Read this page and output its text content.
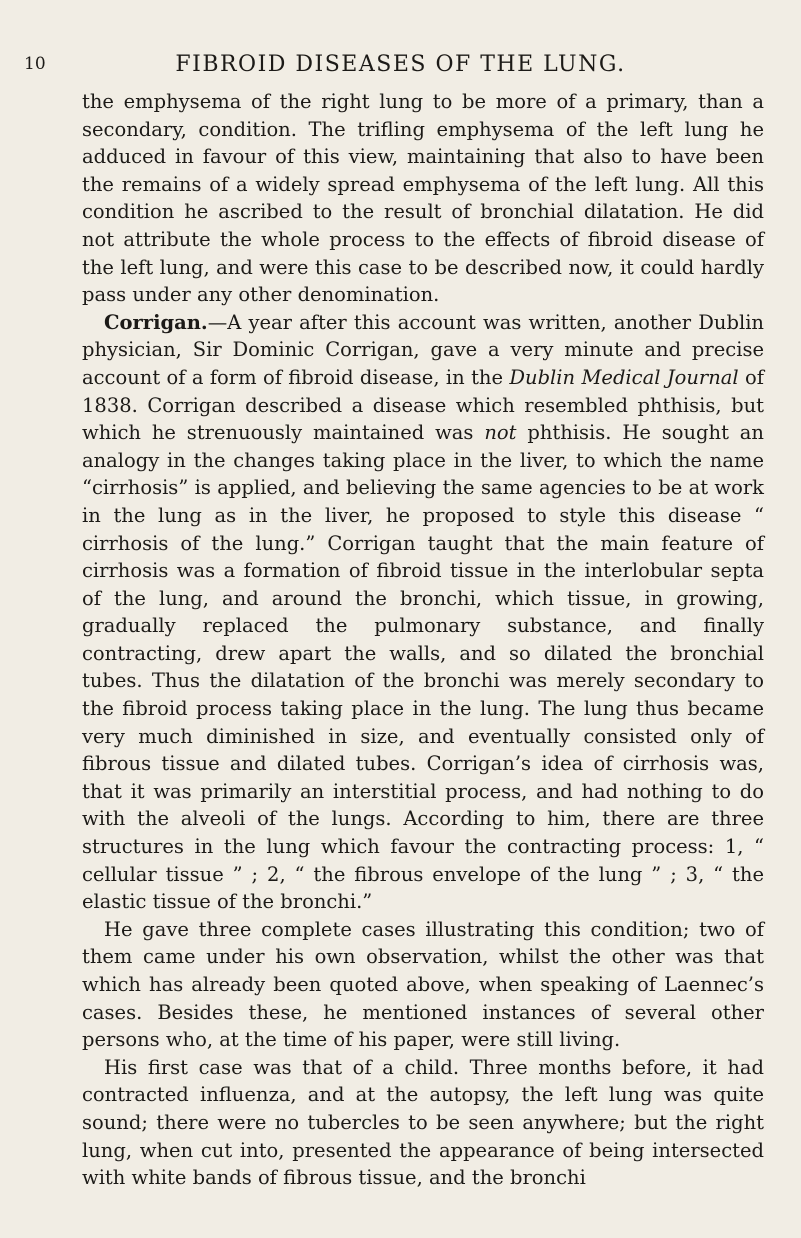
10	FIBROID DISEASES OF THE LUNG.

the emphysema of the right lung to be more of a primary, than a secondary, condition. The trifling emphysema of the left lung he adduced in favour of this view, maintaining that also to have been the remains of a widely spread emphysema of the left lung. All this condition he ascribed to the result of bronchial dilatation. He did not attribute the whole process to the effects of fibroid disease of the left lung, and were this case to be described now, it could hardly pass under any other denomination.

Corrigan.—A year after this account was written, another Dublin physician, Sir Dominic Corrigan, gave a very minute and precise account of a form of fibroid disease, in the Dublin Medical Journal of 1838. Corrigan described a disease which resembled phthisis, but which he strenuously maintained was not phthisis. He sought an analogy in the changes taking place in the liver, to which the name “cirrhosis” is applied, and believing the same agencies to be at work in the lung as in the liver, he proposed to style this disease “ cirrhosis of the lung.” Corrigan taught that the main feature of cirrhosis was a formation of fibroid tissue in the interlobular septa of the lung, and around the bronchi, which tissue, in growing, gradually replaced the pulmonary substance, and finally contracting, drew apart the walls, and so dilated the bronchial tubes. Thus the dilatation of the bronchi was merely secondary to the fibroid process taking place in the lung. The lung thus became very much diminished in size, and eventually consisted only of fibrous tissue and dilated tubes. Corrigan’s idea of cirrhosis was, that it was primarily an interstitial process, and had nothing to do with the alveoli of the lungs. According to him, there are three structures in the lung which favour the contracting process: 1, “ cellular tissue ” ; 2, “ the fibrous envelope of the lung ” ; 3, “ the elastic tissue of the bronchi.”

He gave three complete cases illustrating this condition; two of them came under his own observation, whilst the other was that which has already been quoted above, when speaking of Laennec’s cases. Besides these, he mentioned instances of several other persons who, at the time of his paper, were still living.

His first case was that of a child. Three months before, it had contracted influenza, and at the autopsy, the left lung was quite sound; there were no tubercles to be seen anywhere; but the right lung, when cut into, presented the appearance of being intersected with white bands of fibrous tissue, and the bronchi
